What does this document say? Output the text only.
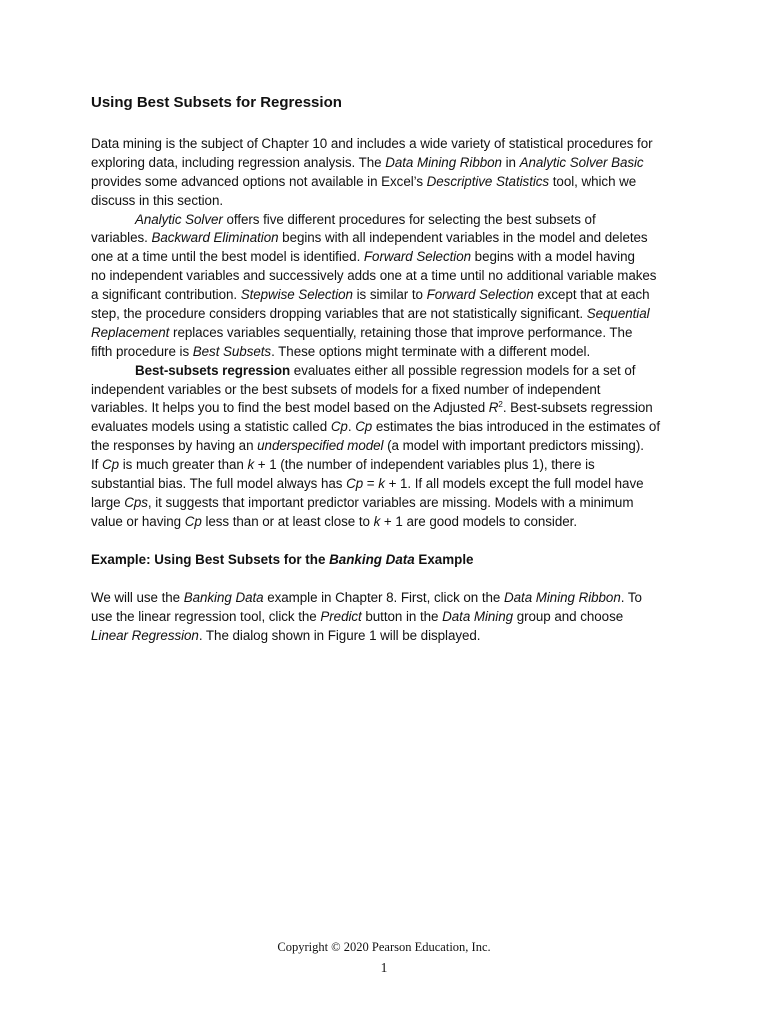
Using Best Subsets for Regression
Data mining is the subject of Chapter 10 and includes a wide variety of statistical procedures for
exploring data, including regression analysis. The Data Mining Ribbon in Analytic Solver Basic
provides some advanced options not available in Excel’s Descriptive Statistics tool, which we
discuss in this section.
Analytic Solver offers five different procedures for selecting the best subsets of
variables. Backward Elimination begins with all independent variables in the model and deletes
one at a time until the best model is identified. Forward Selection begins with a model having
no independent variables and successively adds one at a time until no additional variable makes
a significant contribution. Stepwise Selection is similar to Forward Selection except that at each
step, the procedure considers dropping variables that are not statistically significant. Sequential
Replacement replaces variables sequentially, retaining those that improve performance. The
fifth procedure is Best Subsets. These options might terminate with a different model.
Best-subsets regression evaluates either all possible regression models for a set of
independent variables or the best subsets of models for a fixed number of independent
variables. It helps you to find the best model based on the Adjusted $R^2$. Best-subsets regression
evaluates models using a statistic called Cp. Cp estimates the bias introduced in the estimates of
the responses by having an underspecified model (a model with important predictors missing).
If Cp is much greater than k + 1 (the number of independent variables plus 1), there is
substantial bias. The full model always has Cp = k + 1. If all models except the full model have
large Cps, it suggests that important predictor variables are missing. Models with a minimum
value or having Cp less than or at least close to k + 1 are good models to consider.
Example: Using Best Subsets for the Banking Data Example
We will use the Banking Data example in Chapter 8. First, click on the Data Mining Ribbon. To
use the linear regression tool, click the Predict button in the Data Mining group and choose
Linear Regression. The dialog shown in Figure 1 will be displayed.
Copyright © 2020 Pearson Education, Inc.
1
